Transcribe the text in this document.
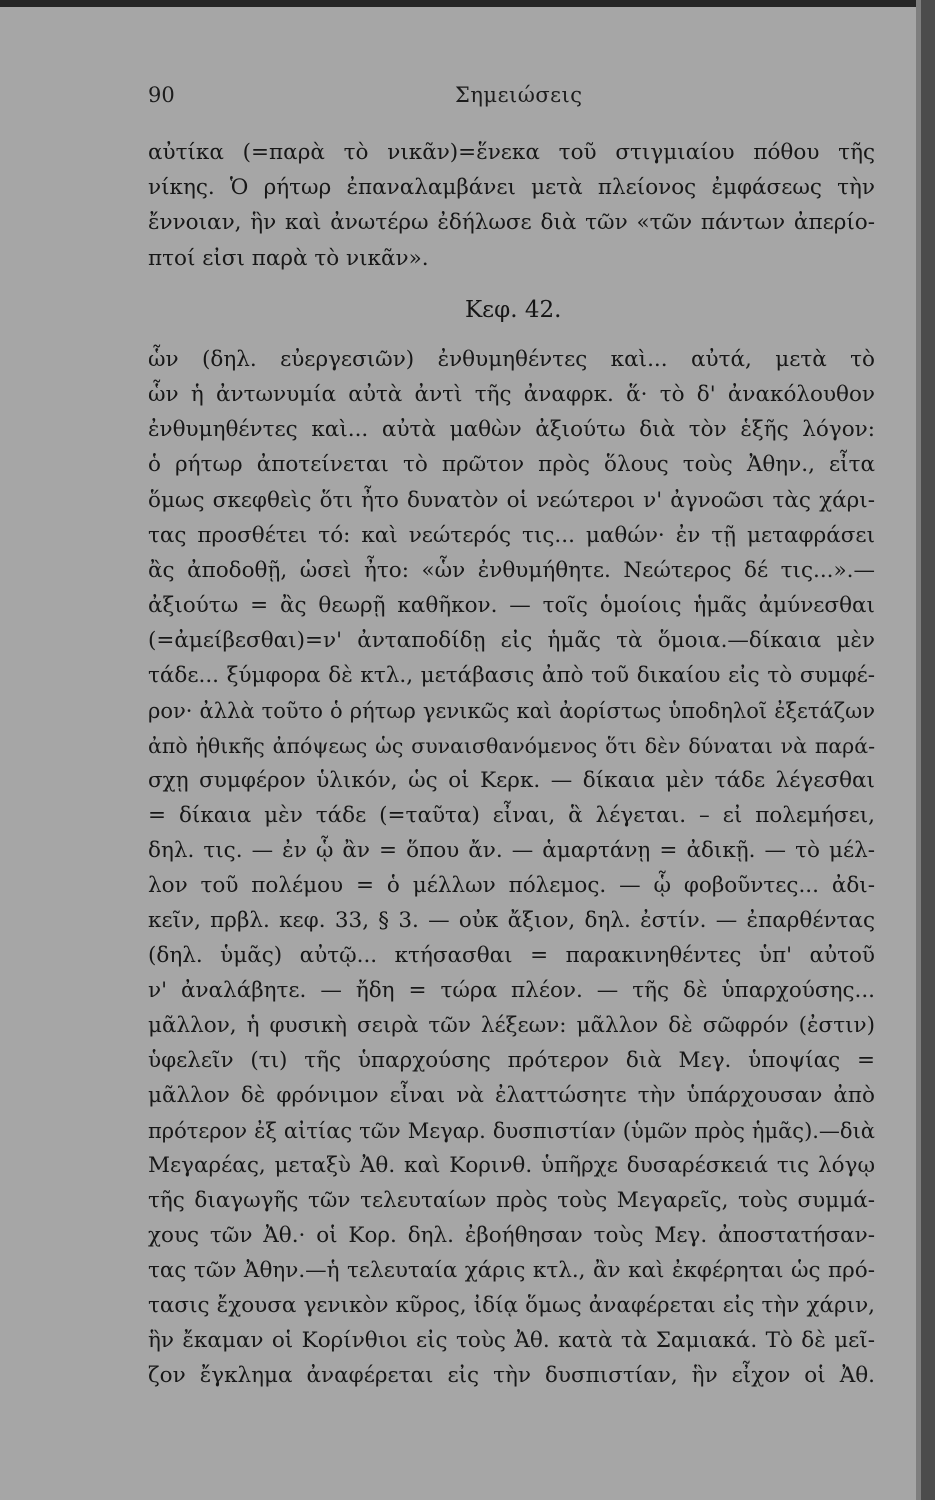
90	Σημειώσεις
αὐτίκα (=παρὰ τὸ νικᾶν)=ἕνεκα τοῦ στιγμιαίου πόθου τῆς
νίκης. Ὁ ρήτωρ ἐπαναλαμβάνει μετὰ πλείονος ἐμφάσεως τὴν
ἔννοιαν, ἣν καὶ ἀνωτέρω ἐδήλωσε διὰ τῶν «τῶν πάντων ἀπερίο-
πτοί εἰσι παρὰ τὸ νικᾶν».
Κεφ. 42.
ὧν (δηλ. εὐεργεσιῶν) ἐνθυμηθέντες καὶ... αὐτά, μετὰ τὸ
ὧν ἡ ἀντωνυμία αὐτὰ ἀντὶ τῆς ἀναφρκ. ἅ· τὸ δ' ἀνακόλουθον
ἐνθυμηθέντες καὶ... αὐτὰ μαθὼν ἀξιούτω διὰ τὸν ἑξῆς λόγον:
ὁ ρήτωρ ἀποτείνεται τὸ πρῶτον πρὸς ὅλους τοὺς Ἀθην., εἶτα
ὅμως σκεφθεὶς ὅτι ἦτο δυνατὸν οἱ νεώτεροι ν' ἀγνοῶσι τὰς χάρι-
τας προσθέτει τό: καὶ νεώτερός τις... μαθών· ἐν τῇ μεταφράσει
ἂς ἀποδοθῇ, ὡσεὶ ἦτο: «ὧν ἐνθυμήθητε. Νεώτερος δέ τις...».—
ἀξιούτω = ἂς θεωρῇ καθῆκον. — τοῖς ὁμοίοις ἡμᾶς ἀμύνεσθαι
(=ἀμείβεσθαι)=ν' ἀνταποδίδῃ εἰς ἡμᾶς τὰ ὅμοια.—δίκαια μὲν
τάδε... ξύμφορα δὲ κτλ., μετάβασις ἀπὸ τοῦ δικαίου εἰς τὸ συμφέ-
ρον· ἀλλὰ τοῦτο ὁ ρήτωρ γενικῶς καὶ ἀορίστως ὑποδηλοῖ ἐξετάζων
ἀπὸ ἠθικῆς ἀπόψεως ὡς συναισθανόμενος ὅτι δὲν δύναται νὰ παρά-
σχῃ συμφέρον ὑλικόν, ὡς οἱ Κερκ. — δίκαια μὲν τάδε λέγεσθαι
= δίκαια μὲν τάδε (=ταῦτα) εἶναι, ἃ λέγεται. – εἰ πολεμήσει,
δηλ. τις. — ἐν ᾧ ἂν = ὅπου ἄν. — ἁμαρτάνῃ = ἀδικῇ. — τὸ μέλ-
λον τοῦ πολέμου = ὁ μέλλων πόλεμος. — ᾧ φοβοῦντες... ἀδι-
κεῖν, πρβλ. κεφ. 33, § 3. — οὐκ ἄξιον, δηλ. ἐστίν. — ἐπαρθέντας
(δηλ. ὑμᾶς) αὐτῷ... κτήσασθαι = παρακινηθέντες ὑπ' αὐτοῦ
ν' ἀναλάβητε. — ἤδη = τώρα πλέον. — τῆς δὲ ὑπαρχούσης...
μᾶλλον, ἡ φυσικὴ σειρὰ τῶν λέξεων: μᾶλλον δὲ σῶφρόν (ἐστιν)
ὑφελεῖν (τι) τῆς ὑπαρχούσης πρότερον διὰ Μεγ. ὑποψίας =
μᾶλλον δὲ φρόνιμον εἶναι νὰ ἐλαττώσητε τὴν ὑπάρχουσαν ἀπὸ
πρότερον ἐξ αἰτίας τῶν Μεγαρ. δυσπιστίαν (ὑμῶν πρὸς ἡμᾶς).—διὰ
Μεγαρέας, μεταξὺ Ἀθ. καὶ Κορινθ. ὑπῆρχε δυσαρέσκειά τις λόγῳ
τῆς διαγωγῆς τῶν τελευταίων πρὸς τοὺς Μεγαρεῖς, τοὺς συμμά-
χους τῶν Ἀθ.· οἱ Κορ. δηλ. ἐβοήθησαν τοὺς Μεγ. ἀποστατήσαν-
τας τῶν Ἀθην.—ἡ τελευταία χάρις κτλ., ἂν καὶ ἐκφέρηται ὡς πρό-
τασις ἔχουσα γενικὸν κῦρος, ἰδίᾳ ὅμως ἀναφέρεται εἰς τὴν χάριν,
ἣν ἔκαμαν οἱ Κορίνθιοι εἰς τοὺς Ἀθ. κατὰ τὰ Σαμιακά. Τὸ δὲ μεῖ-
ζον ἔγκλημα ἀναφέρεται εἰς τὴν δυσπιστίαν, ἣν εἶχον οἱ Ἀθ.
